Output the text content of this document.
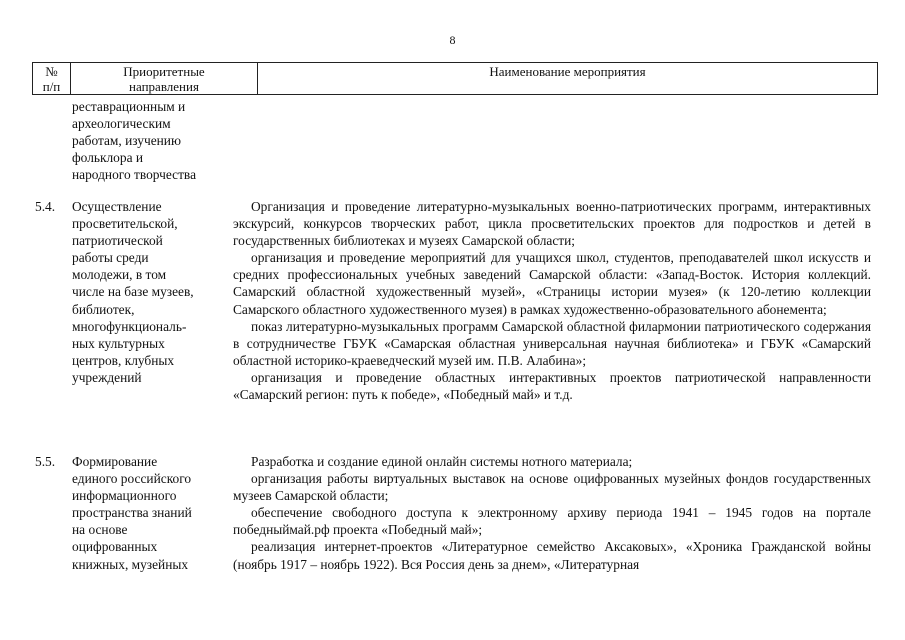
8
№
п/п
Приоритетные
направления
Наименование мероприятия
реставрационным и
археологическим
работам, изучению
фольклора и
народного творчества
5.4.	Осуществление
просветительской,
патриотической
работы среди
молодежи, в том
числе на базе музеев,
библиотек,
многофункциональ-
ных культурных
центров, клубных
учреждений

Организация и проведение литературно-музыкальных военно-патриотических программ, интерактивных экскурсий, конкурсов творческих работ, цикла просветительских проектов для подростков и детей в государственных библиотеках и музеях Самарской области;

организация и проведение мероприятий для учащихся школ, студентов, преподавателей школ искусств и средних профессиональных учебных заведений Самарской области: «Запад-Восток. История коллекций. Самарский областной художественный музей», «Страницы истории музея» (к 120-летию коллекции Самарского областного художественного музея) в рамках художественно-образовательного абонемента;

показ литературно-музыкальных программ Самарской областной филармонии патриотического содержания в сотрудничестве ГБУК «Самарская областная универсальная научная библиотека» и ГБУК «Самарский областной историко-краеведческий музей им. П.В. Алабина»;

организация и проведение областных интерактивных проектов патриотической направленности «Самарский регион: путь к победе», «Победный май» и т.д.

5.5.	Формирование
единого российского
информационного
пространства знаний
на основе
оцифрованных
книжных, музейных

Разработка и создание единой онлайн системы нотного материала;

организация работы виртуальных выставок на основе оцифрованных музейных фондов государственных музеев Самарской области;

обеспечение свободного доступа к электронному архиву периода 1941 – 1945 годов на портале победныймай.рф проекта «Победный май»;

реализация интернет-проектов «Литературное семейство Аксаковых», «Хроника Гражданской войны (ноябрь 1917 – ноябрь 1922). Вся Россия день за днем», «Литературная
